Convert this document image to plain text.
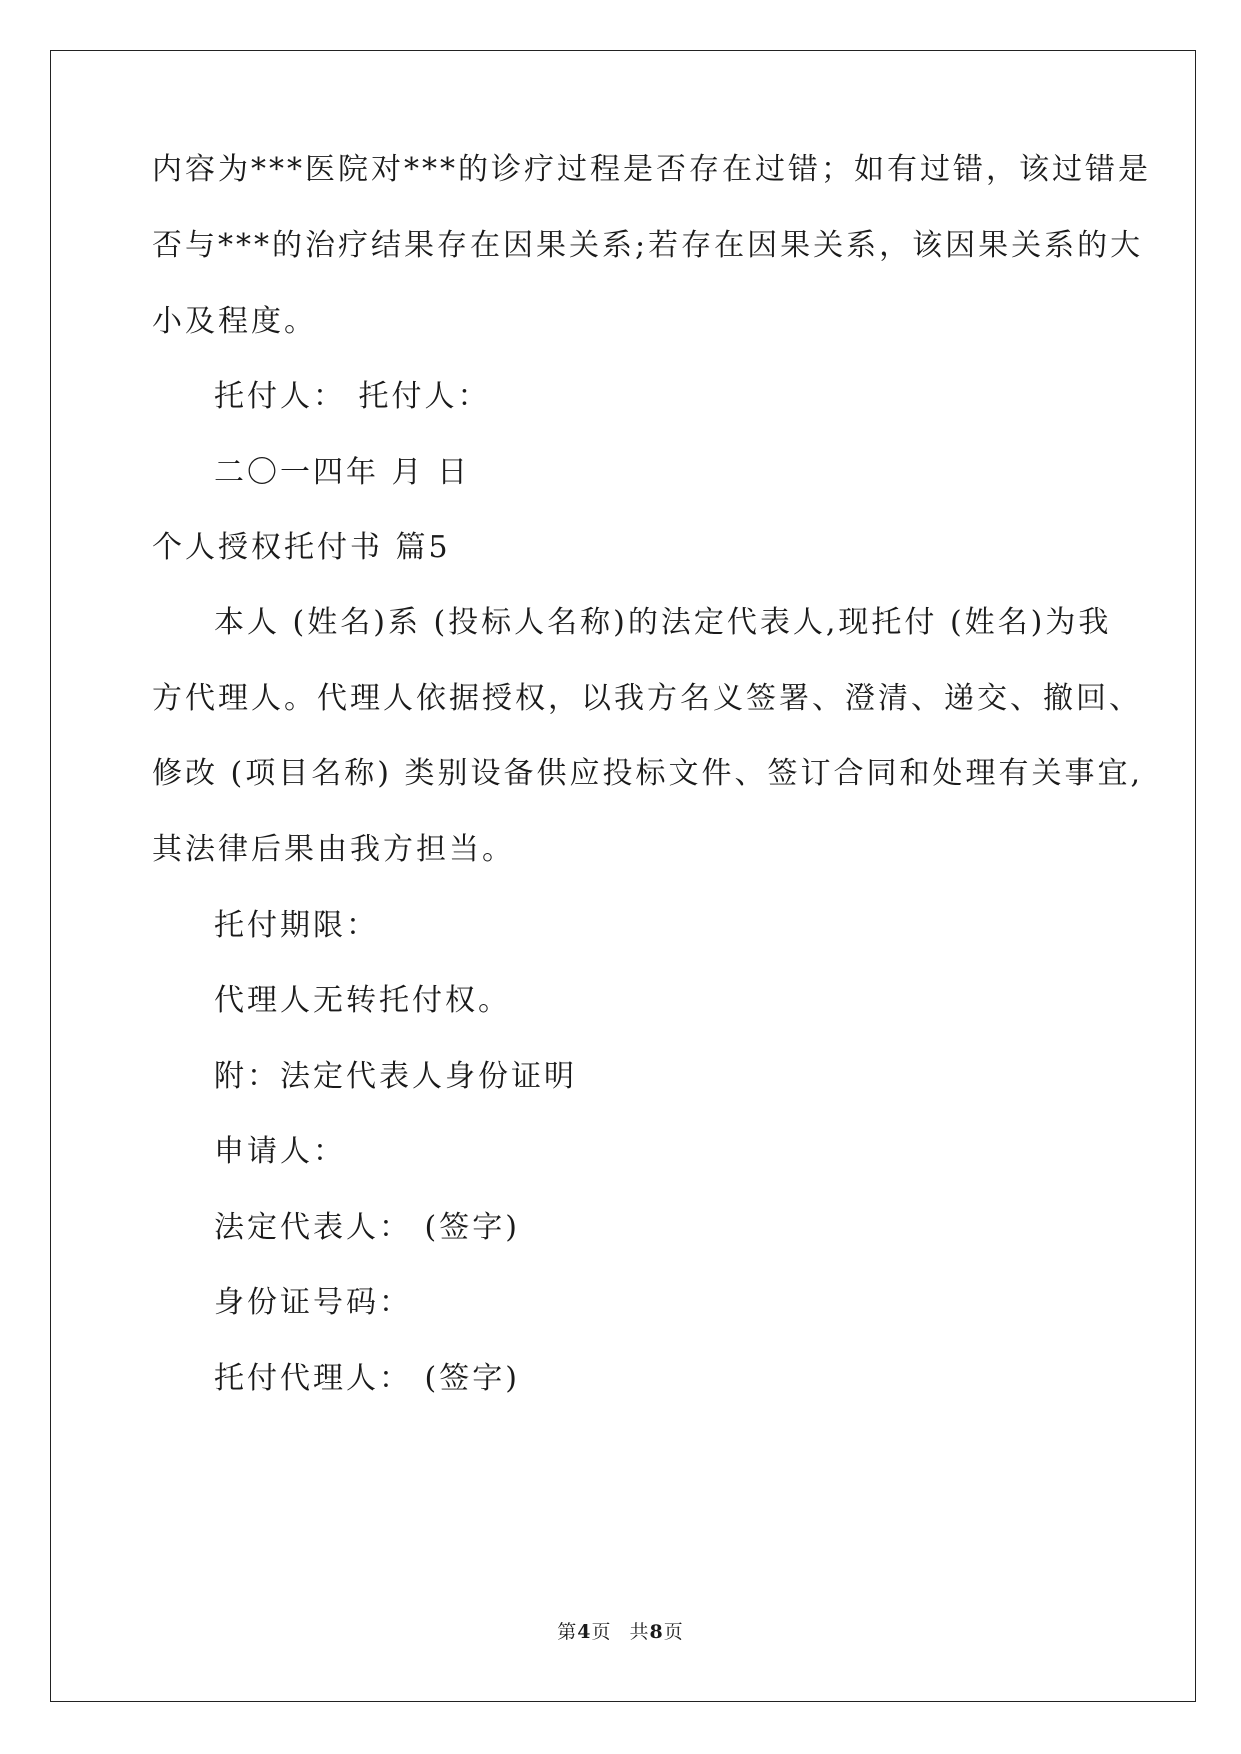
内容为***医院对***的诊疗过程是否存在过错；如有过错，该过错是
否与***的治疗结果存在因果关系;若存在因果关系，该因果关系的大
小及程度。
托付人： 托付人：
二〇一四年 月 日
个人授权托付书 篇5
本人 (姓名)系 (投标人名称)的法定代表人,现托付 (姓名)为我
方代理人。代理人依据授权，以我方名义签署、澄清、递交、撤回、
修改 (项目名称) 类别设备供应投标文件、签订合同和处理有关事宜,
其法律后果由我方担当。
托付期限：
代理人无转托付权。
附：法定代表人身份证明
申请人：
法定代表人： (签字)
身份证号码：
托付代理人： (签字)
第4页 共8页
